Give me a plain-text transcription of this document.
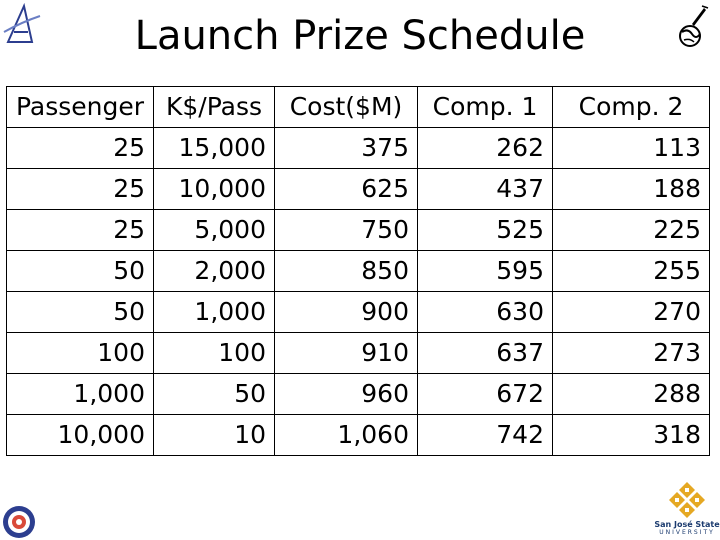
Launch Prize Schedule
Passenger	K$/Pass	Cost($M)	Comp. 1	Comp. 2
25	15,000	375	262	113
25	10,000	625	437	188
25	5,000	750	525	225
50	2,000	850	595	255
50	1,000	900	630	270
100	100	910	637	273
1,000	50	960	672	288
10,000	10	1,060	742	318
San José State
UNIVERSITY
